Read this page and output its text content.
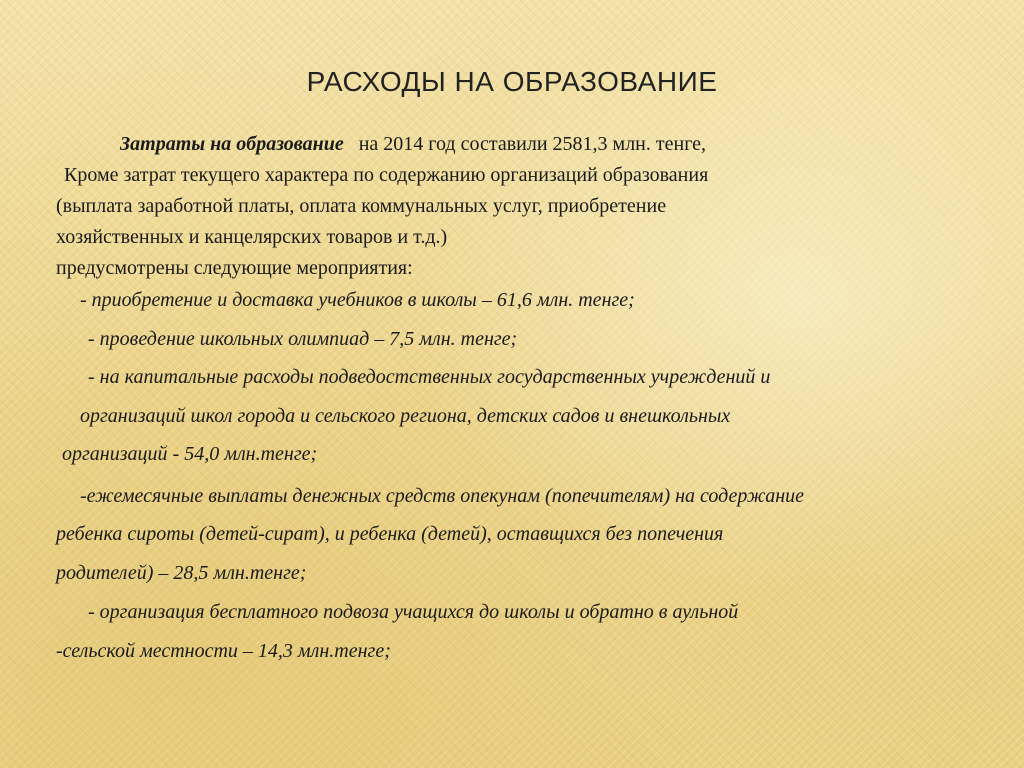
РАСХОДЫ НА ОБРАЗОВАНИЕ
Затраты на образование на 2014 год составили 2581,3 млн. тенге,
Кроме затрат текущего характера по содержанию организаций образования
(выплата заработной платы, оплата коммунальных услуг, приобретение
хозяйственных и канцелярских товаров и т.д.)
предусмотрены следующие мероприятия:
- приобретение и доставка учебников в школы – 61,6 млн. тенге;
- проведение школьных олимпиад – 7,5 млн. тенге;
- на капитальные расходы подведостственных государственных учреждений и
организаций школ города и сельского региона, детских садов и внешкольных
организаций - 54,0 млн.тенге;
-ежемесячные выплаты денежных средств опекунам (попечителям) на содержание
ребенка сироты (детей-сират), и ребенка (детей), оставщихся без попечения
родителей) – 28,5 млн.тенге;
- организация бесплатного подвоза учащихся до школы и обратно в аульной
-сельской местности – 14,3 млн.тенге;
